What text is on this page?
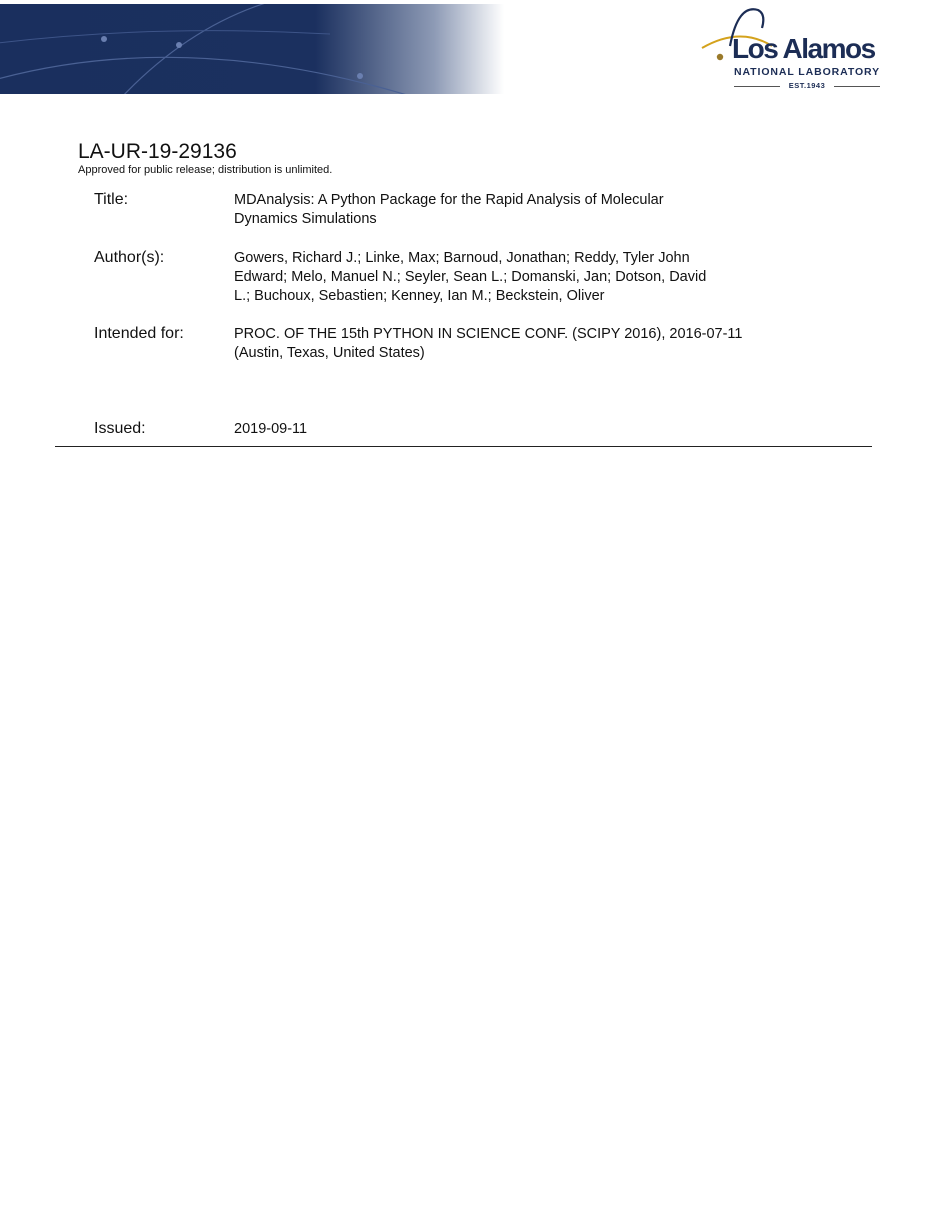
Los Alamos
NATIONAL LABORATORY
EST.1943
LA-UR-19-29136
Approved for public release; distribution is unlimited.
Title:	MDAnalysis: A Python Package for the Rapid Analysis of Molecular
Dynamics Simulations
Author(s):	Gowers, Richard J.; Linke, Max; Barnoud, Jonathan; Reddy, Tyler John
Edward; Melo, Manuel N.; Seyler, Sean L.; Domanski, Jan; Dotson, David
L.; Buchoux, Sebastien; Kenney, Ian M.; Beckstein, Oliver
Intended for:	PROC. OF THE 15th PYTHON IN SCIENCE CONF. (SCIPY 2016), 2016-07-11
(Austin, Texas, United States)
Issued:	2019-09-11
